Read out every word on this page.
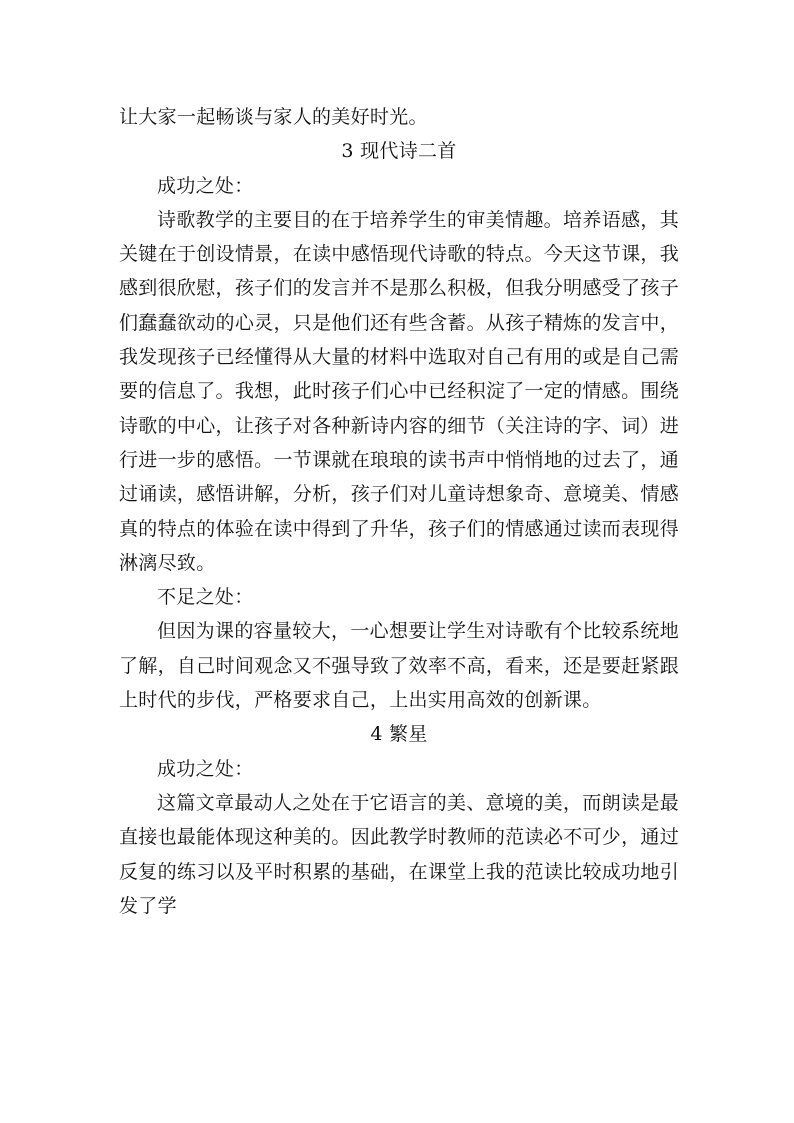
让大家一起畅谈与家人的美好时光。

3 现代诗二首

成功之处：

诗歌教学的主要目的在于培养学生的审美情趣。培养语感，其关键在于创设情景，在读中感悟现代诗歌的特点。今天这节课，我感到很欣慰，孩子们的发言并不是那么积极，但我分明感受了孩子们蠢蠢欲动的心灵，只是他们还有些含蓄。从孩子精炼的发言中，我发现孩子已经懂得从大量的材料中选取对自己有用的或是自己需要的信息了。我想，此时孩子们心中已经积淀了一定的情感。围绕诗歌的中心，让孩子对各种新诗内容的细节（关注诗的字、词）进行进一步的感悟。一节课就在琅琅的读书声中悄悄地的过去了，通过诵读，感悟讲解，分析，孩子们对儿童诗想象奇、意境美、情感真的特点的体验在读中得到了升华，孩子们的情感通过读而表现得淋漓尽致。

不足之处：

但因为课的容量较大，一心想要让学生对诗歌有个比较系统地了解，自己时间观念又不强导致了效率不高，看来，还是要赶紧跟上时代的步伐，严格要求自己，上出实用高效的创新课。

4 繁星

成功之处：

这篇文章最动人之处在于它语言的美、意境的美，而朗读是最直接也最能体现这种美的。因此教学时教师的范读必不可少，通过反复的练习以及平时积累的基础，在课堂上我的范读比较成功地引发了学
